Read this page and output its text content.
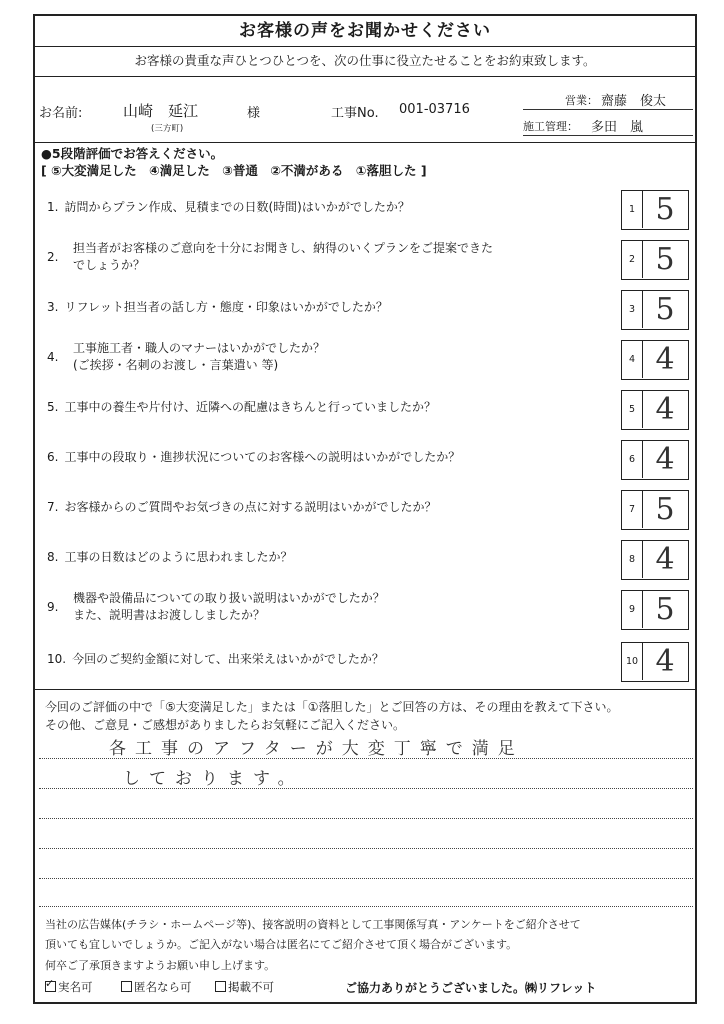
お客様の声をお聞かせください
お客様の貴重な声ひとつひとつを、次の仕事に役立たせることをお約束致します。
お名前:	山崎　延江	様
(三方町)
工事No. 001-03716
営業： 齋藤　俊太
施工管理： 多田　嵐
●5段階評価でお答えください。
[ ⑤大変満足した　④満足した　③普通　②不満がある　①落胆した ]
1. 訪問からプラン作成、見積までの日数(時間)はいかがでしたか？	1 5
2.
担当者がお客様のご意向を十分にお聞きし、納得のいくプランをご提案できた
でしょうか？	2 5
3. リフレット担当者の話し方・態度・印象はいかがでしたか？	3 5
4.
工事施工者・職人のマナーはいかがでしたか？
(ご挨拶・名刺のお渡し・言葉遣い 等)	4 4
5. 工事中の養生や片付け、近隣への配慮はきちんと行っていましたか？	5 4
6. 工事中の段取り・進捗状況についてのお客様への説明はいかがでしたか？	6 4
7. お客様からのご質問やお気づきの点に対する説明はいかがでしたか？	7 5
8. 工事の日数はどのように思われましたか？	8 4
9.
機器や設備品についての取り扱い説明はいかがでしたか？
また、説明書はお渡ししましたか？	9 5
10. 今回のご契約金額に対して、出来栄えはいかがでしたか？	10 4
今回のご評価の中で「⑤大変満足した」または「①落胆した」とご回答の方は、その理由を教えて下さい。
その他、ご意見・ご感想がありましたらお気軽にご記入ください。
各工事のアフターが大変丁寧で満足
しております。
当社の広告媒体(チラシ・ホームページ等)、接客説明の資料として工事関係写真・アンケートをご紹介させて
頂いても宜しいでしょうか。ご記入がない場合は匿名にてご紹介させて頂く場合がございます。
何卒ご了承頂きますようお願い申し上げます。
✓実名可	匿名なら可	掲載不可	ご協力ありがとうございました。㈱リフレット
